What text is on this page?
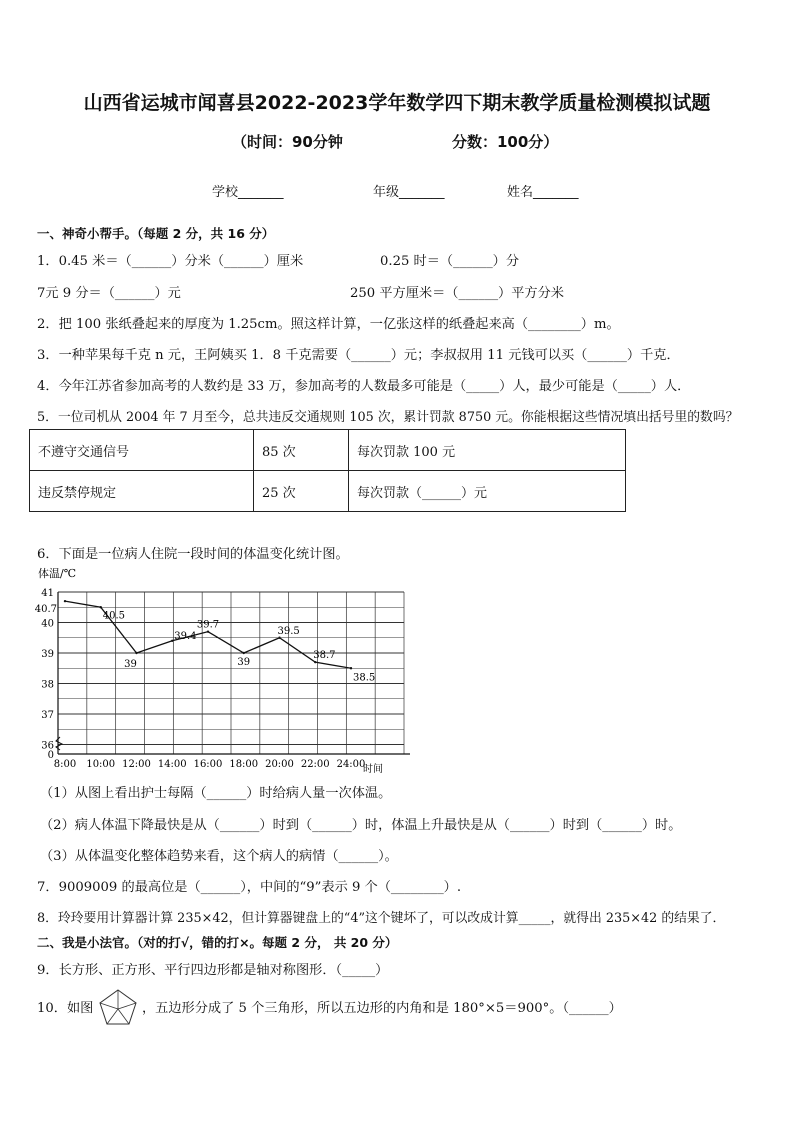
山西省运城市闻喜县2022-2023学年数学四下期末教学质量检测模拟试题
（时间：90分钟	分数：100分）
学校_______	年级_______	姓名_______
一、神奇小帮手。（每题 2 分，共 16 分）
1．0.45 米＝（______）分米（______）厘米	0.25 时＝（______）分
7元 9 分＝（______）元	250 平方厘米＝（______）平方分米
2．把 100 张纸叠起来的厚度为 1.25cm。照这样计算，一亿张这样的纸叠起来高（________）m。
3．一种苹果每千克 n 元，王阿姨买 1．8 千克需要（______）元；李叔叔用 11 元钱可以买（______）千克．
4．今年江苏省参加高考的人数约是 33 万，参加高考的人数最多可能是（_____）人，最少可能是（_____）人．
5．一位司机从 2004 年 7 月至今，总共违反交通规则 105 次，累计罚款 8750 元。你能根据这些情况填出括号里的数吗？
不遵守交通信号	85 次	每次罚款 100 元
违反禁停规定	25 次	每次罚款（______）元
6．下面是一位病人住院一段时间的体温变化统计图。
体温/℃
41
40
39
38
37
36
0
8:00 10:00 12:00 14:00 16:00 18:00 20:00 22:00 24:00
40.7
40.5
39
39.4
39.7
39
39.5
38.7
38.5
时间
（1）从图上看出护士每隔（______）时给病人量一次体温。
（2）病人体温下降最快是从（______）时到（______）时，体温上升最快是从（______）时到（______）时。
（3）从体温变化整体趋势来看，这个病人的病情（______）。
7．9009009 的最高位是（______），中间的“9”表示 9 个（________）.
8．玲玲要用计算器计算 235×42，但计算器键盘上的“4”这个键坏了，可以改成计算_____，就得出 235×42 的结果了．
二、我是小法官。（对的打√，错的打×。每题 2 分， 共 20 分）
9．长方形、正方形、平行四边形都是轴对称图形．（_____）
10．如图	，五边形分成了 5 个三角形，所以五边形的内角和是 180°×5＝900°。（______）
